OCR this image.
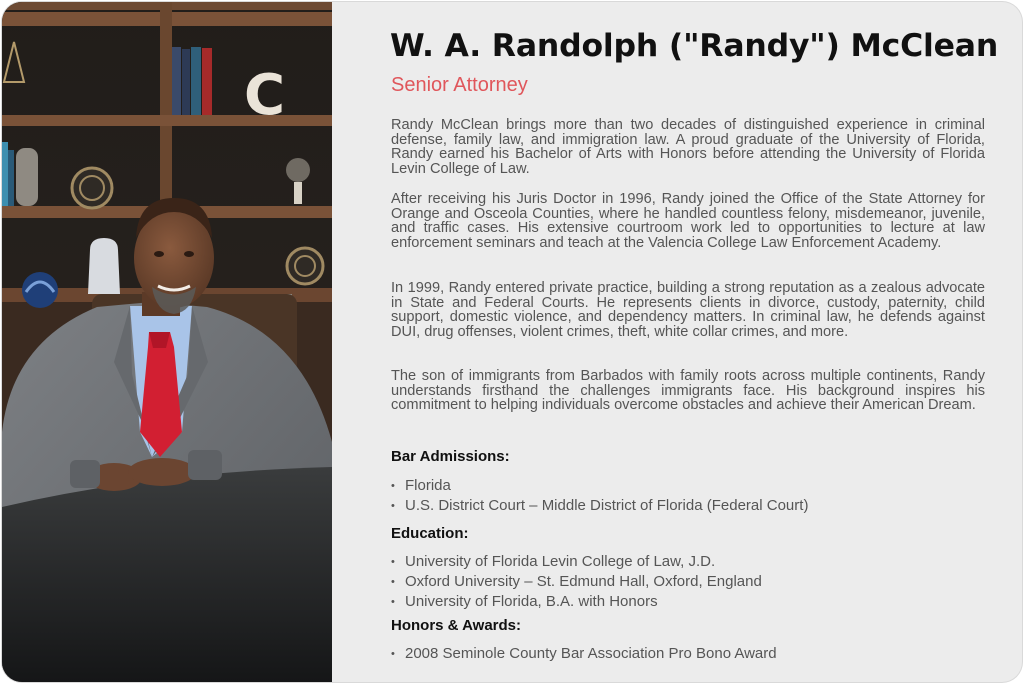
C
W. A. Randolph ("Randy") McClean
Senior Attorney

Randy McClean brings more than two decades of distinguished experience in criminal defense, family law, and immigration law. A proud graduate of the University of Florida, Randy earned his Bachelor of Arts with Honors before attending the University of Florida Levin College of Law.

After receiving his Juris Doctor in 1996, Randy joined the Office of the State Attorney for Orange and Osceola Counties, where he handled countless felony, misdemeanor, juvenile, and traffic cases. His extensive courtroom work led to opportunities to lecture at law enforcement seminars and teach at the Valencia College Law Enforcement Academy.

In 1999, Randy entered private practice, building a strong reputation as a zealous advocate in State and Federal Courts. He represents clients in divorce, custody, paternity, child support, domestic violence, and dependency matters. In criminal law, he defends against DUI, drug offenses, violent crimes, theft, white collar crimes, and more.

The son of immigrants from Barbados with family roots across multiple continents, Randy understands firsthand the challenges immigrants face. His background inspires his commitment to helping individuals overcome obstacles and achieve their American Dream.

Bar Admissions:
• Florida
• U.S. District Court – Middle District of Florida (Federal Court)
Education:
• University of Florida Levin College of Law, J.D.
• Oxford University – St. Edmund Hall, Oxford, England
• University of Florida, B.A. with Honors
Honors & Awards:
• 2008 Seminole County Bar Association Pro Bono Award
